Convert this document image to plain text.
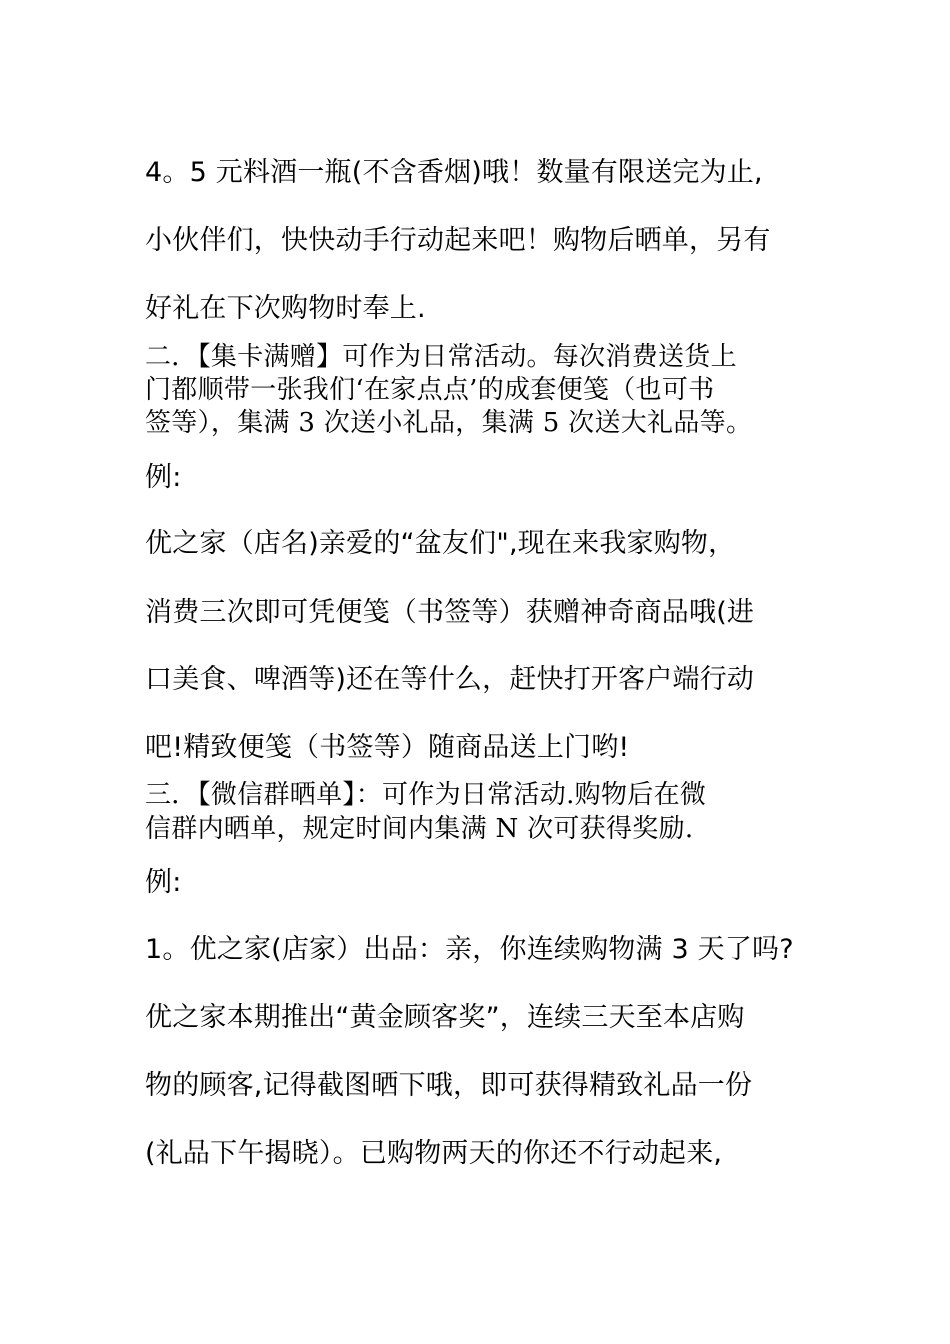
4。5 元料酒一瓶(不含香烟)哦！数量有限送完为止,
小伙伴们，快快动手行动起来吧！购物后晒单，另有
好礼在下次购物时奉上.
二．【集卡满赠】可作为日常活动。每次消费送货上
门都顺带一张我们‘在家点点’的成套便笺（也可书
签等），集满 3 次送小礼品，集满 5 次送大礼品等。
例:
优之家（店名)亲爱的“盆友们",现在来我家购物，
消费三次即可凭便笺（书签等）获赠神奇商品哦(进
口美食、啤酒等)还在等什么，赶快打开客户端行动
吧!精致便笺（书签等）随商品送上门哟!
三．【微信群晒单】：可作为日常活动.购物后在微
信群内晒单，规定时间内集满 N 次可获得奖励.
例:
1。优之家(店家）出品：亲，你连续购物满 3 天了吗?
优之家本期推出“黄金顾客奖”，连续三天至本店购
物的顾客,记得截图晒下哦，即可获得精致礼品一份
(礼品下午揭晓）。已购物两天的你还不行动起来,
